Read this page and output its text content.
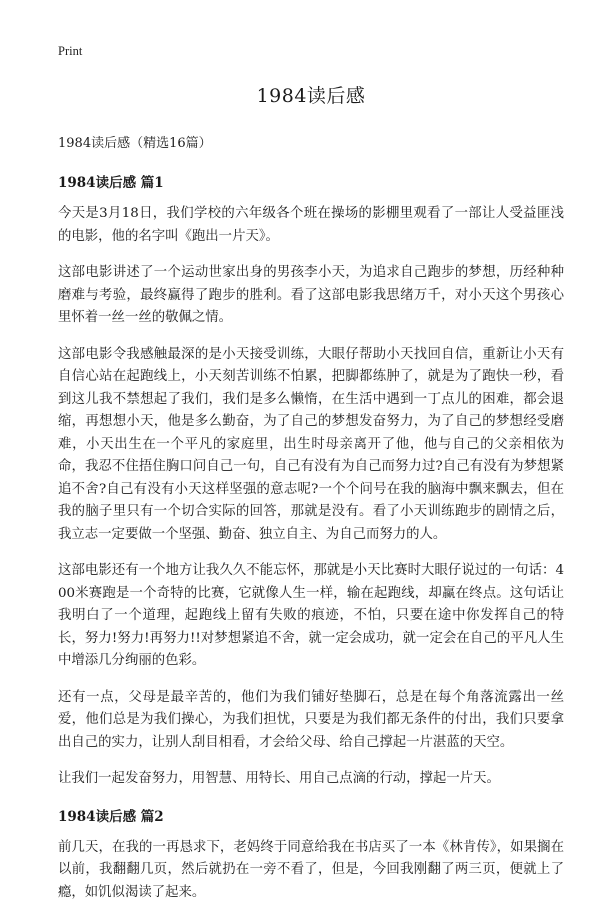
Print
1984读后感
1984读后感（精选16篇）
1984读后感 篇1

今天是3月18日，我们学校的六年级各个班在操场的影棚里观看了一部让人受益匪浅的电影，他的名字叫《跑出一片天》。

这部电影讲述了一个运动世家出身的男孩李小天，为追求自己跑步的梦想，历经种种磨难与考验，最终赢得了跑步的胜利。看了这部电影我思绪万千，对小天这个男孩心里怀着一丝一丝的敬佩之情。

这部电影令我感触最深的是小天接受训练，大眼仔帮助小天找回自信，重新让小天有自信心站在起跑线上，小天刻苦训练不怕累，把脚都练肿了，就是为了跑快一秒，看到这儿我不禁想起了我们，我们是多么懒惰，在生活中遇到一丁点儿的困难，都会退缩，再想想小天，他是多么勤奋，为了自己的梦想发奋努力，为了自己的梦想经受磨难，小天出生在一个平凡的家庭里，出生时母亲离开了他，他与自己的父亲相依为命，我忍不住捂住胸口问自己一句，自己有没有为自己而努力过?自己有没有为梦想紧追不舍?自己有没有小天这样坚强的意志呢?一个个问号在我的脑海中飘来飘去，但在我的脑子里只有一个切合实际的回答，那就是没有。看了小天训练跑步的剧情之后，我立志一定要做一个坚强、勤奋、独立自主、为自己而努力的人。

这部电影还有一个地方让我久久不能忘怀，那就是小天比赛时大眼仔说过的一句话：400米赛跑是一个奇特的比赛，它就像人生一样，输在起跑线，却赢在终点。这句话让我明白了一个道理，起跑线上留有失败的痕迹，不怕，只要在途中你发挥自己的特长，努力!努力!再努力!!对梦想紧追不舍，就一定会成功，就一定会在自己的平凡人生中增添几分绚丽的色彩。

还有一点，父母是最辛苦的，他们为我们铺好垫脚石，总是在每个角落流露出一丝爱，他们总是为我们操心，为我们担忧，只要是为我们都无条件的付出，我们只要拿出自己的实力，让别人刮目相看，才会给父母、给自己撑起一片湛蓝的天空。

让我们一起发奋努力，用智慧、用特长、用自己点滴的行动，撑起一片天。

1984读后感 篇2

前几天，在我的一再恳求下，老妈终于同意给我在书店买了一本《林肯传》，如果搁在以前，我翻翻几页，然后就扔在一旁不看了，但是，今回我刚翻了两三页，便就上了瘾，如饥似渴读了起来。
